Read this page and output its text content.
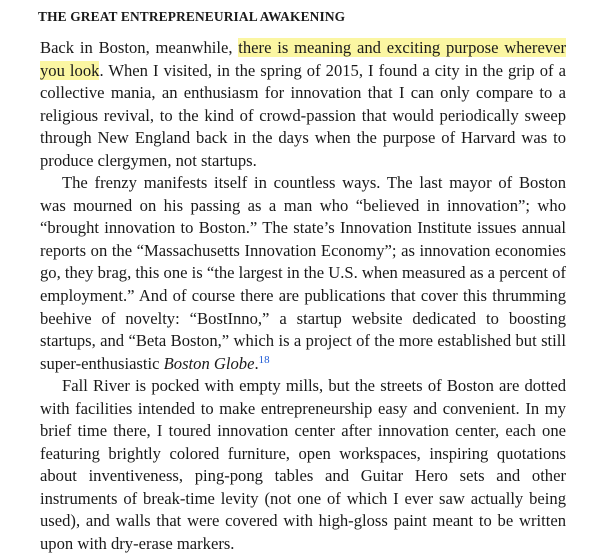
THE GREAT ENTREPRENEURIAL AWAKENING

Back in Boston, meanwhile, there is meaning and exciting purpose wherever you look. When I visited, in the spring of 2015, I found a city in the grip of a collective mania, an enthusiasm for innovation that I can only compare to a religious revival, to the kind of crowd-passion that would periodically sweep through New England back in the days when the purpose of Harvard was to produce clergymen, not startups.

The frenzy manifests itself in countless ways. The last mayor of Boston was mourned on his passing as a man who “believed in innovation”; who “brought innovation to Boston.” The state’s Innovation Institute issues annual reports on the “Massachusetts Innovation Economy”; as innovation economies go, they brag, this one is “the largest in the U.S. when measured as a percent of employment.” And of course there are publications that cover this thrumming beehive of novelty: “BostInno,” a startup website dedicated to boosting startups, and “Beta Boston,” which is a project of the more established but still super-enthusiastic Boston Globe.$^{18}$

Fall River is pocked with empty mills, but the streets of Boston are dotted with facilities intended to make entrepreneurship easy and convenient. In my brief time there, I toured innovation center after innovation center, each one featuring brightly colored furniture, open workspaces, inspiring quotations about inventiveness, ping-pong tables and Guitar Hero sets and other instruments of break-time levity (not one of which I ever saw actually being used), and walls that were covered with high-gloss paint meant to be written upon with dry-erase markers.
